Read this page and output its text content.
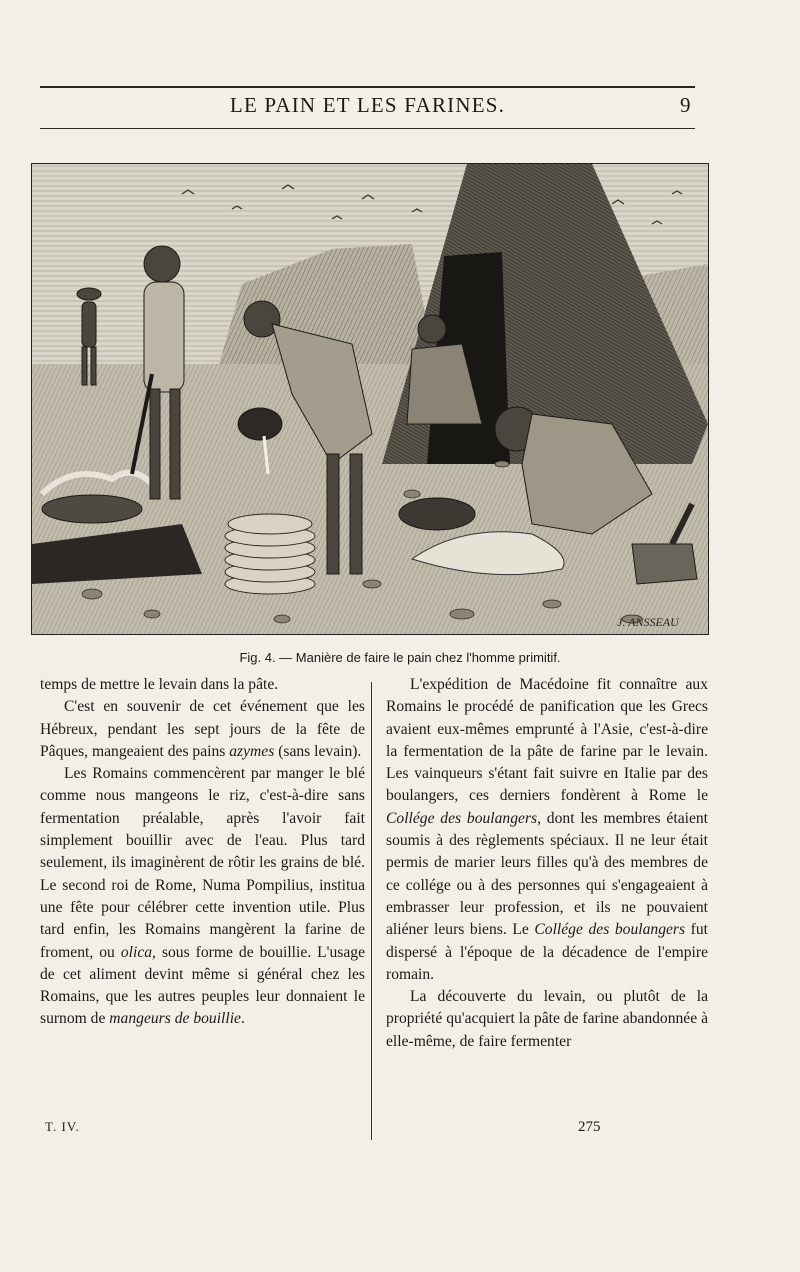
LE PAIN ET LES FARINES.	9
J. ANSSEAU
Fig. 4. — Manière de faire le pain chez l'homme primitif.

temps de mettre le levain dans la pâte.

C'est en souvenir de cet événement que les Hébreux, pendant les sept jours de la fête de Pâques, mangeaient des pains azymes (sans levain).

Les Romains commencèrent par manger le blé comme nous mangeons le riz, c'est-à-dire sans fermentation préalable, après l'avoir fait simplement bouillir avec de l'eau. Plus tard seulement, ils imaginèrent de rôtir les grains de blé. Le second roi de Rome, Numa Pompilius, institua une fête pour célébrer cette invention utile. Plus tard enfin, les Romains mangèrent la farine de froment, ou olica, sous forme de bouillie. L'usage de cet aliment devint même si général chez les Romains, que les autres peuples leur donnaient le surnom de mangeurs de bouillie.

L'expédition de Macédoine fit connaître aux Romains le procédé de panification que les Grecs avaient eux-mêmes emprunté à l'Asie, c'est-à-dire la fermentation de la pâte de farine par le levain. Les vainqueurs s'étant fait suivre en Italie par des boulangers, ces derniers fondèrent à Rome le Collége des boulangers, dont les membres étaient soumis à des règlements spéciaux. Il ne leur était permis de marier leurs filles qu'à des membres de ce collége ou à des personnes qui s'engageaient à embrasser leur profession, et ils ne pouvaient aliéner leurs biens. Le Collége des boulangers fut dispersé à l'époque de la décadence de l'empire romain.

La découverte du levain, ou plutôt de la propriété qu'acquiert la pâte de farine abandonnée à elle-même, de faire fermenter

T. IV.	275
